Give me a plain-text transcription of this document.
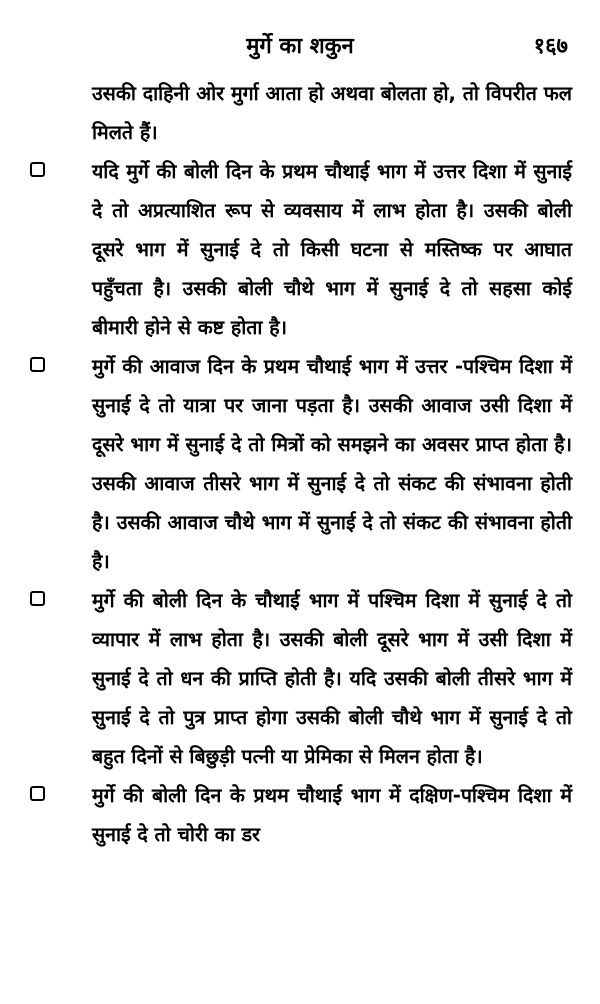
मुर्गे का शकुन	१६७

उसकी दाहिनी ओर मुर्गा आता हो अथवा बोलता हो, तो विपरीत फल मिलते हैं।

यदि मुर्गे की बोली दिन के प्रथम चौथाई भाग में उत्तर दिशा में सुनाई दे तो अप्रत्याशित रूप से व्यवसाय में लाभ होता है। उसकी बोली दूसरे भाग में सुनाई दे तो किसी घटना से मस्तिष्क पर आघात पहुँचता है। उसकी बोली चौथे भाग में सुनाई दे तो सहसा कोई बीमारी होने से कष्ट होता है।

मुर्गे की आवाज दिन के प्रथम चौथाई भाग में उत्तर -पश्चिम दिशा में सुनाई दे तो यात्रा पर जाना पड़ता है। उसकी आवाज उसी दिशा में दूसरे भाग में सुनाई दे तो मित्रों को समझने का अवसर प्राप्त होता है। उसकी आवाज तीसरे भाग में सुनाई दे तो संकट की संभावना होती है। उसकी आवाज चौथे भाग में सुनाई दे तो संकट की संभावना होती है।

मुर्गे की बोली दिन के चौथाई भाग में पश्चिम दिशा में सुनाई दे तो व्यापार में लाभ होता है। उसकी बोली दूसरे भाग में उसी दिशा में सुनाई दे तो धन की प्राप्ति होती है। यदि उसकी बोली तीसरे भाग में सुनाई दे तो पुत्र प्राप्त होगा उसकी बोली चौथे भाग में सुनाई दे तो बहुत दिनों से बिछुड़ी पत्नी या प्रेमिका से मिलन होता है।

मुर्गे की बोली दिन के प्रथम चौथाई भाग में दक्षिण-पश्चिम दिशा में सुनाई दे तो चोरी का डर
